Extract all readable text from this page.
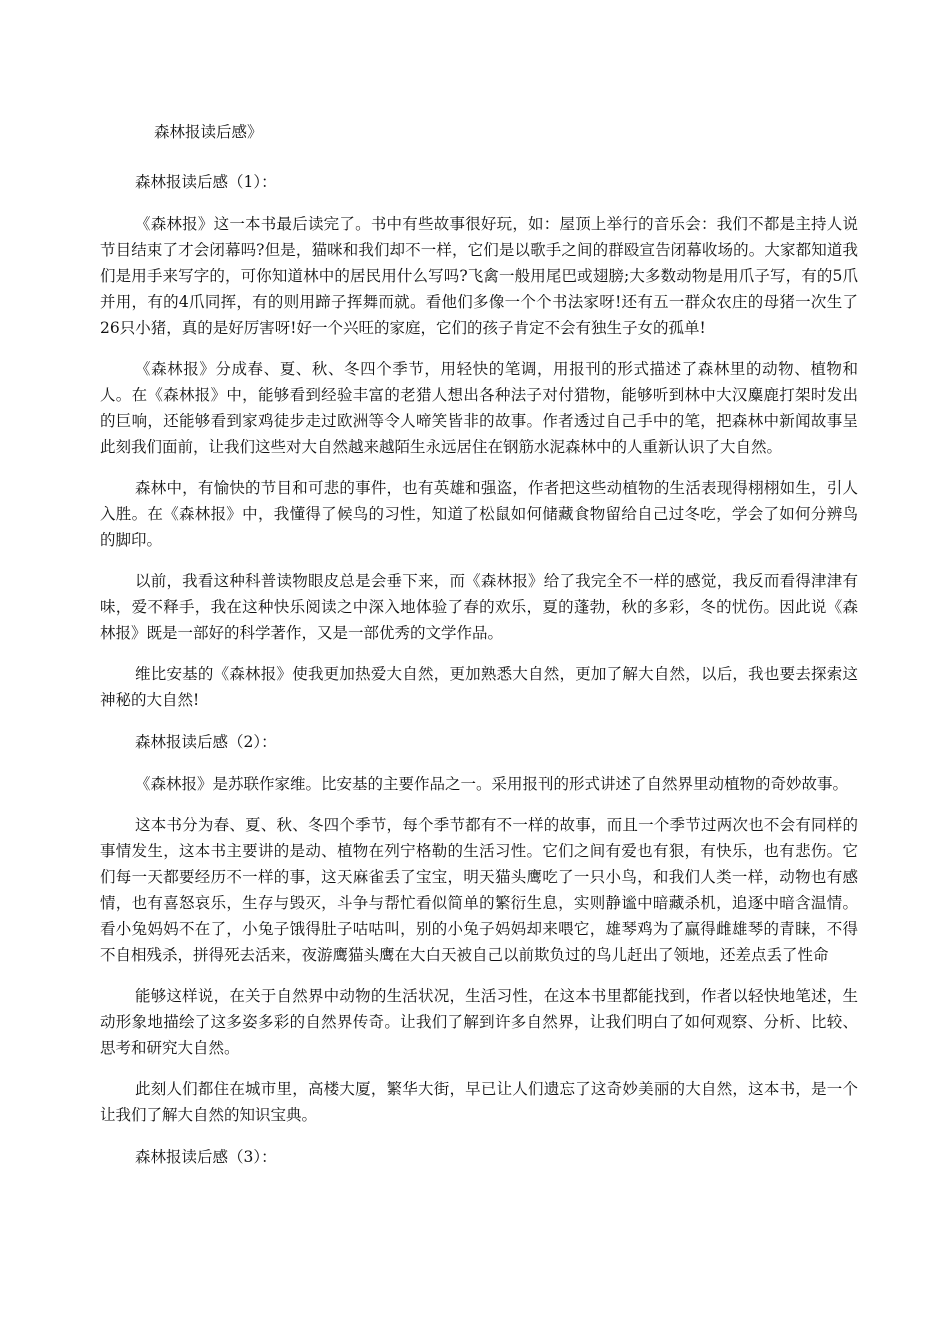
森林报读后感》

森林报读后感（1）：

《森林报》这一本书最后读完了。书中有些故事很好玩，如：屋顶上举行的音乐会：我们不都是主持人说节目结束了才会闭幕吗?但是，猫咪和我们却不一样，它们是以歌手之间的群殴宣告闭幕收场的。大家都知道我们是用手来写字的，可你知道林中的居民用什么写吗?飞禽一般用尾巴或翅膀;大多数动物是用爪子写，有的5爪并用，有的4爪同挥，有的则用蹄子挥舞而就。看他们多像一个个书法家呀!还有五一群众农庄的母猪一次生了26只小猪，真的是好厉害呀!好一个兴旺的家庭，它们的孩子肯定不会有独生子女的孤单!

《森林报》分成春、夏、秋、冬四个季节，用轻快的笔调，用报刊的形式描述了森林里的动物、植物和人。在《森林报》中，能够看到经验丰富的老猎人想出各种法子对付猎物，能够听到林中大汉麋鹿打架时发出的巨响，还能够看到家鸡徒步走过欧洲等令人啼笑皆非的故事。作者透过自己手中的笔，把森林中新闻故事呈此刻我们面前，让我们这些对大自然越来越陌生永远居住在钢筋水泥森林中的人重新认识了大自然。

森林中，有愉快的节目和可悲的事件，也有英雄和强盗，作者把这些动植物的生活表现得栩栩如生，引人入胜。在《森林报》中，我懂得了候鸟的习性，知道了松鼠如何储藏食物留给自己过冬吃，学会了如何分辨鸟的脚印。

以前，我看这种科普读物眼皮总是会垂下来，而《森林报》给了我完全不一样的感觉，我反而看得津津有味，爱不释手，我在这种快乐阅读之中深入地体验了春的欢乐，夏的蓬勃，秋的多彩，冬的忧伤。因此说《森林报》既是一部好的科学著作，又是一部优秀的文学作品。

维比安基的《森林报》使我更加热爱大自然，更加熟悉大自然，更加了解大自然，以后，我也要去探索这神秘的大自然!

森林报读后感（2）：

《森林报》是苏联作家维。比安基的主要作品之一。采用报刊的形式讲述了自然界里动植物的奇妙故事。

这本书分为春、夏、秋、冬四个季节，每个季节都有不一样的故事，而且一个季节过两次也不会有同样的事情发生，这本书主要讲的是动、植物在列宁格勒的生活习性。它们之间有爱也有狠，有快乐，也有悲伤。它们每一天都要经历不一样的事，这天麻雀丢了宝宝，明天猫头鹰吃了一只小鸟，和我们人类一样，动物也有感情，也有喜怒哀乐，生存与毁灭，斗争与帮忙看似简单的繁衍生息，实则静谧中暗藏杀机，追逐中暗含温情。看小兔妈妈不在了，小兔子饿得肚子咕咕叫，别的小兔子妈妈却来喂它，雄琴鸡为了赢得雌雄琴的青睐，不得不自相残杀，拼得死去活来，夜游鹰猫头鹰在大白天被自己以前欺负过的鸟儿赶出了领地，还差点丢了性命

能够这样说，在关于自然界中动物的生活状况，生活习性，在这本书里都能找到，作者以轻快地笔述，生动形象地描绘了这多姿多彩的自然界传奇。让我们了解到许多自然界，让我们明白了如何观察、分析、比较、思考和研究大自然。

此刻人们都住在城市里，高楼大厦，繁华大街，早已让人们遗忘了这奇妙美丽的大自然，这本书，是一个让我们了解大自然的知识宝典。

森林报读后感（3）：
